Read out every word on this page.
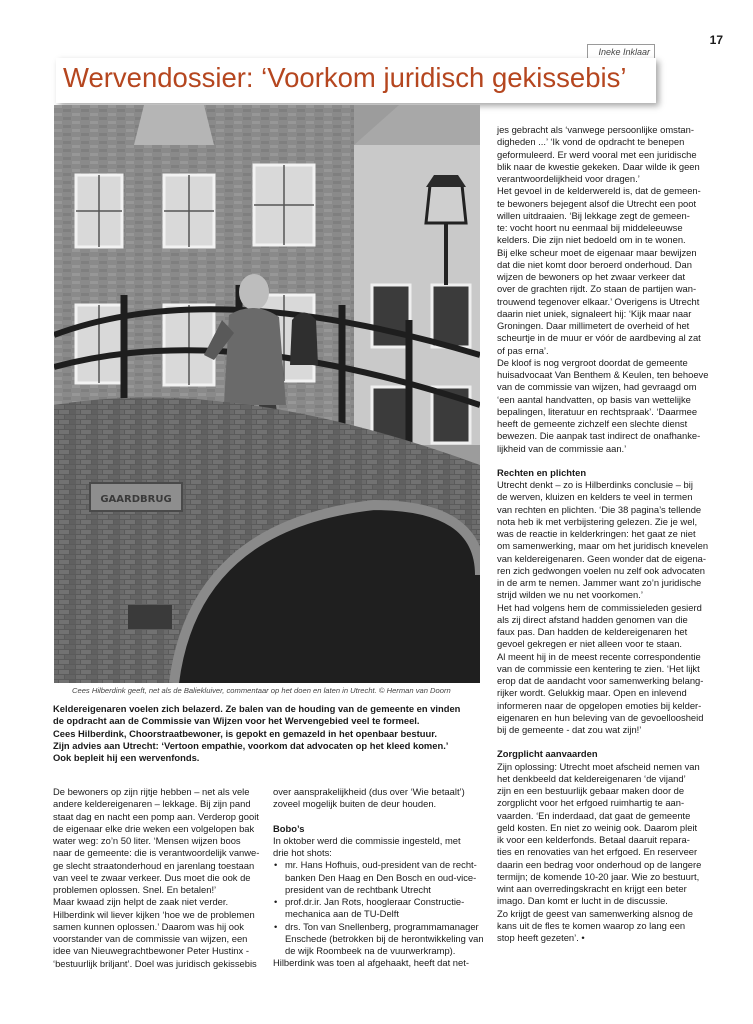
17
Ineke Inklaar
Wervendossier: ‘Voorkom juridisch gekissebis’
GAARDBRUG

Cees Hilberdink geeft, net als de Baliekluiver, commentaar op het doen en laten in Utrecht. © Herman van Doorn

Keldereigenaren voelen zich belazerd. Ze balen van de houding van de gemeente en vinden

de opdracht aan de Commissie van Wijzen voor het Wervengebied veel te formeel.

Cees Hilberdink, Choorstraatbewoner, is gepokt en gemazeld in het openbaar bestuur.

Zijn advies aan Utrecht: ‘Vertoon empathie, voorkom dat advocaten op het kleed komen.’

Ook bepleit hij een wervenfonds.

De bewoners op zijn rijtje hebben – net als vele

andere keldereigenaren – lekkage. Bij zijn pand

staat dag en nacht een pomp aan. Verderop gooit

de eigenaar elke drie weken een volgelopen bak

water weg: zo’n 50 liter. ‘Mensen wijzen boos

naar de gemeente: die is verantwoordelijk vanwe-

ge slecht straatonderhoud en jarenlang toestaan

van veel te zwaar verkeer. Dus moet die ook de

problemen oplossen. Snel. En betalen!’

Maar kwaad zijn helpt de zaak niet verder.

Hilberdink wil liever kijken ‘hoe we de problemen

samen kunnen oplossen.’ Daarom was hij ook

voorstander van de commissie van wijzen, een

idee van Nieuwegrachtbewoner Peter Hustinx -

‘bestuurlijk briljant’. Doel was juridisch gekissebis

over aansprakelijkheid (dus over ‘Wie betaalt’)

zoveel mogelijk buiten de deur houden.

Bobo’s

In oktober werd die commissie ingesteld, met

drie hot shots:

• mr. Hans Hofhuis, oud-president van de recht-

banken Den Haag en Den Bosch en oud-vice-

president van de rechtbank Utrecht

• prof.dr.ir. Jan Rots, hoogleraar Constructie-

mechanica aan de TU-Delft

• drs. Ton van Snellenberg, programmamanager

Enschede (betrokken bij de herontwikkeling van

de wijk Roombeek na de vuurwerkramp).

Hilberdink was toen al afgehaakt, heeft dat net-

jes gebracht als ‘vanwege persoonlijke omstan-

digheden ...’ ‘Ik vond de opdracht te benepen

geformuleerd. Er werd vooral met een juridische

blik naar de kwestie gekeken. Daar wilde ik geen

verantwoordelijkheid voor dragen.’

Het gevoel in de kelderwereld is, dat de gemeen-

te bewoners bejegent alsof die Utrecht een poot

willen uitdraaien. ‘Bij lekkage zegt de gemeen-

te: vocht hoort nu eenmaal bij middeleeuwse

kelders. Die zijn niet bedoeld om in te wonen.

Bij elke scheur moet de eigenaar maar bewijzen

dat die niet komt door beroerd onderhoud. Dan

wijzen de bewoners op het zwaar verkeer dat

over de grachten rijdt. Zo staan de partijen wan-

trouwend tegenover elkaar.’ Overigens is Utrecht

daarin niet uniek, signaleert hij: ‘Kijk maar naar

Groningen. Daar millimetert de overheid of het

scheurtje in de muur er vóór de aardbeving al zat

of pas erna’.

De kloof is nog vergroot doordat de gemeente

huisadvocaat Van Benthem & Keulen, ten behoeve

van de commissie van wijzen, had gevraagd om

‘een aantal handvatten, op basis van wettelijke

bepalingen, literatuur en rechtspraak’. ‘Daarmee

heeft de gemeente zichzelf een slechte dienst

bewezen. Die aanpak tast indirect de onafhanke-

lijkheid van de commissie aan.’

Rechten en plichten

Utrecht denkt – zo is Hilberdinks conclusie – bij

de werven, kluizen en kelders te veel in termen

van rechten en plichten. ‘Die 38 pagina’s tellende

nota heb ik met verbijstering gelezen. Zie je wel,

was de reactie in kelderkringen: het gaat ze niet

om samenwerking, maar om het juridisch knevelen

van keldereigenaren. Geen wonder dat de eigena-

ren zich gedwongen voelen nu zelf ook advocaten

in de arm te nemen. Jammer want zo’n juridische

strijd wilden we nu net voorkomen.’

Het had volgens hem de commissieleden gesierd

als zij direct afstand hadden genomen van die

faux pas. Dan hadden de keldereigenaren het

gevoel gekregen er niet alleen voor te staan.

Al meent hij in de meest recente correspondentie

van de commissie een kentering te zien. ‘Het lijkt

erop dat de aandacht voor samenwerking belang-

rijker wordt. Gelukkig maar. Open en inlevend

informeren naar de opgelopen emoties bij kelder-

eigenaren en hun beleving van de gevoelloosheid

bij de gemeente - dat zou wat zijn!’

Zorgplicht aanvaarden

Zijn oplossing: Utrecht moet afscheid nemen van

het denkbeeld dat keldereigenaren ‘de vijand’

zijn en een bestuurlijk gebaar maken door de

zorgplicht voor het erfgoed ruimhartig te aan-

vaarden. ‘En inderdaad, dat gaat de gemeente

geld kosten. En niet zo weinig ook. Daarom pleit

ik voor een kelderfonds. Betaal daaruit repara-

ties en renovaties van het erfgoed. En reserveer

daarin een bedrag voor onderhoud op de langere

termijn; de komende 10-20 jaar. Wie zo bestuurt,

wint aan overredingskracht en krijgt een beter

imago. Dan komt er lucht in de discussie.

Zo krijgt de geest van samenwerking alsnog de

kans uit de fles te komen waarop zo lang een

stop heeft gezeten’. •
